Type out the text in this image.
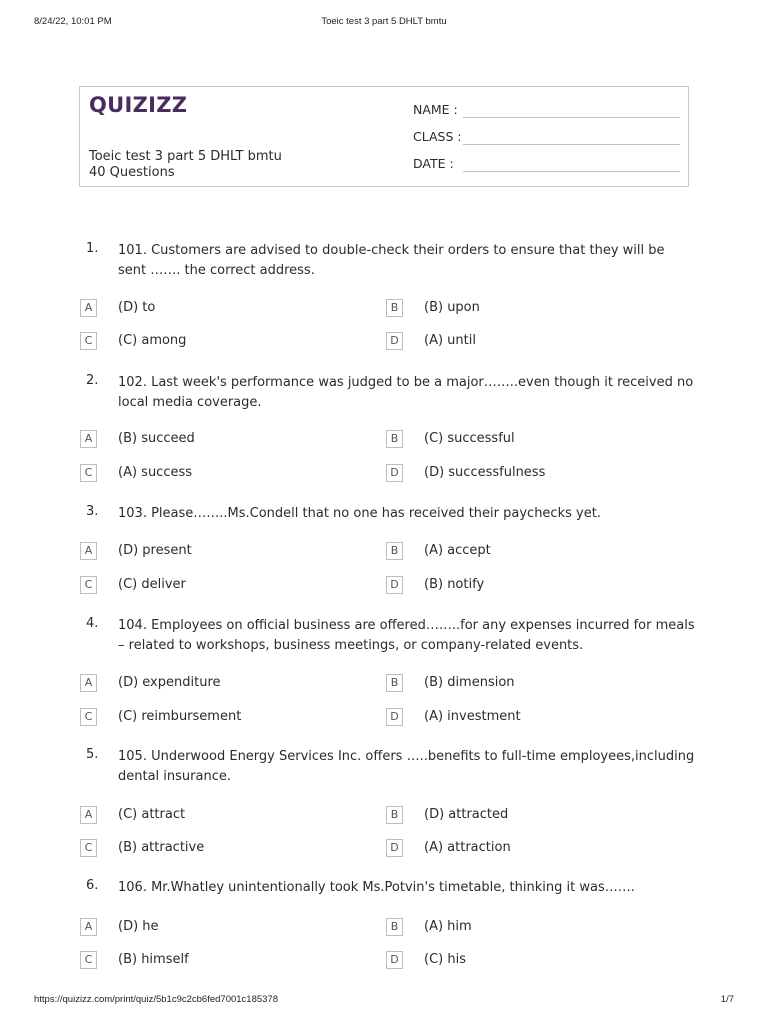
8/24/22, 10:01 PM	Toeic test 3 part 5 DHLT bmtu
QUIZIZZ
Toeic test 3 part 5 DHLT bmtu
40 Questions
NAME :
CLASS :
DATE :
1. 101. Customers are advised to double-check their orders to ensure that they will be sent ……. the correct address.
A	(D) to	B	(B) upon
C	(C) among	D	(A) until
2. 102. Last week's performance was judged to be a major……..even though it received no local media coverage.
A	(B) succeed	B	(C) successful
C	(A) success	D	(D) successfulness
3. 103. Please……..Ms.Condell that no one has received their paychecks yet.
A	(D) present	B	(A) accept
C	(C) deliver	D	(B) notify
4. 104. Employees on official business are offered……..for any expenses incurred for meals – related to workshops, business meetings, or company-related events.
A	(D) expenditure	B	(B) dimension
C	(C) reimbursement	D	(A) investment
5. 105. Underwood Energy Services Inc. offers …..benefits to full-time employees,including dental insurance.
A	(C) attract	B	(D) attracted
C	(B) attractive	D	(A) attraction
6. 106. Mr.Whatley unintentionally took Ms.Potvin's timetable, thinking it was…….
A	(D) he	B	(A) him
C	(B) himself	D	(C) his
https://quizizz.com/print/quiz/5b1c9c2cb6fed7001c185378	1/7
